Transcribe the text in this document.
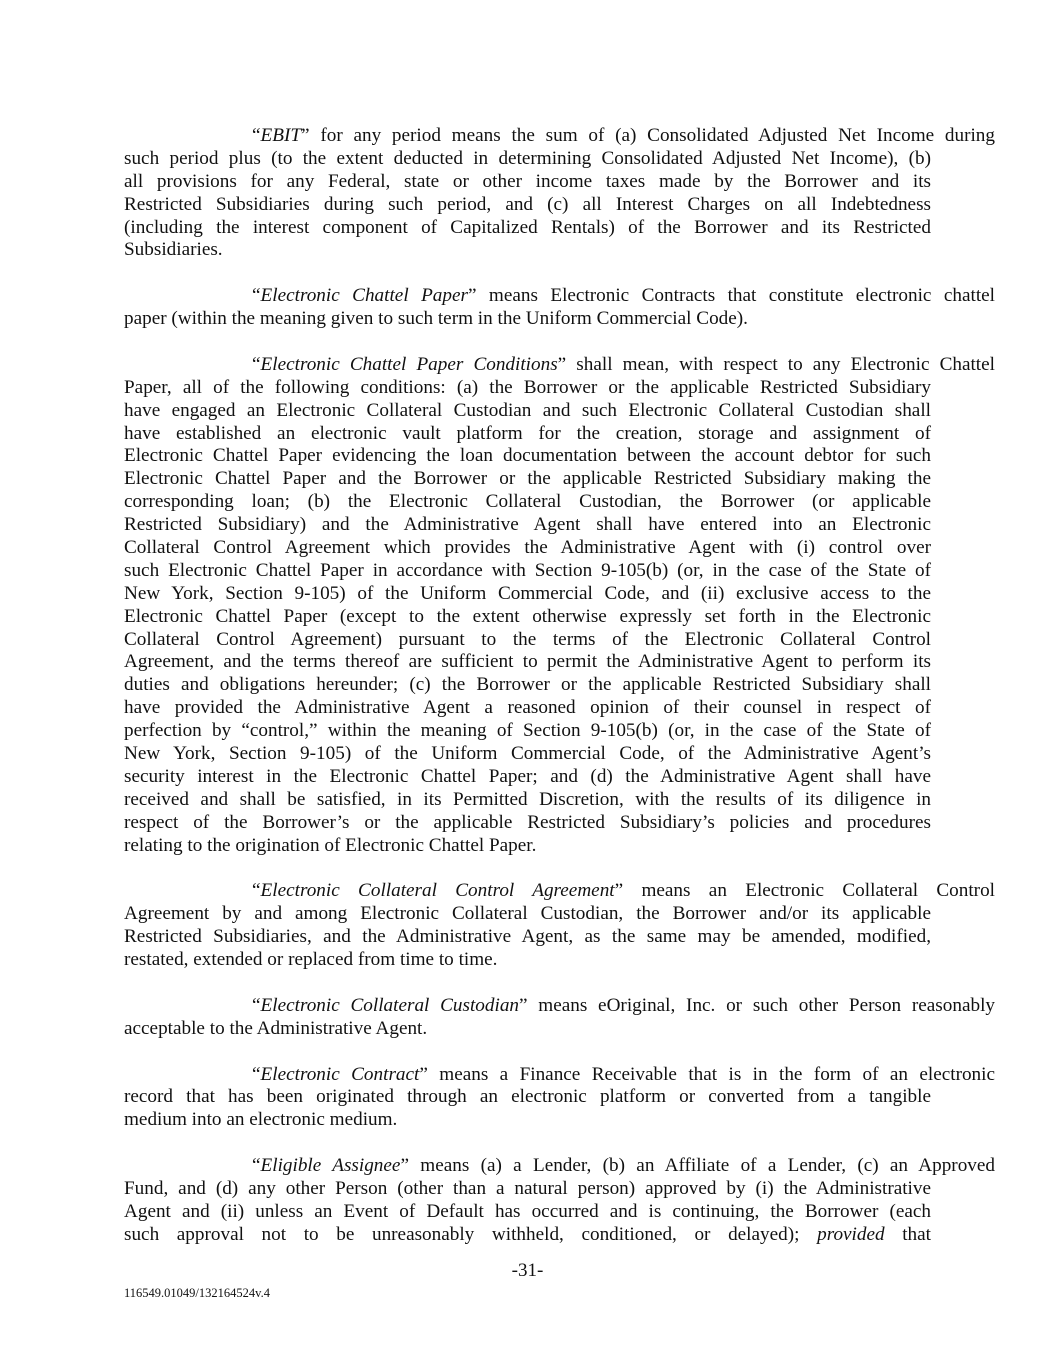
“EBIT” for any period means the sum of (a) Consolidated Adjusted Net Income during
such period plus (to the extent deducted in determining Consolidated Adjusted Net Income), (b)
all provisions for any Federal, state or other income taxes made by the Borrower and its
Restricted Subsidiaries during such period, and (c) all Interest Charges on all Indebtedness
(including the interest component of Capitalized Rentals) of the Borrower and its Restricted
Subsidiaries.
“Electronic Chattel Paper” means Electronic Contracts that constitute electronic chattel
paper (within the meaning given to such term in the Uniform Commercial Code).
“Electronic Chattel Paper Conditions” shall mean, with respect to any Electronic Chattel
Paper, all of the following conditions: (a) the Borrower or the applicable Restricted Subsidiary
have engaged an Electronic Collateral Custodian and such Electronic Collateral Custodian shall
have established an electronic vault platform for the creation, storage and assignment of
Electronic Chattel Paper evidencing the loan documentation between the account debtor for such
Electronic Chattel Paper and the Borrower or the applicable Restricted Subsidiary making the
corresponding loan; (b) the Electronic Collateral Custodian, the Borrower (or applicable
Restricted Subsidiary) and the Administrative Agent shall have entered into an Electronic
Collateral Control Agreement which provides the Administrative Agent with (i) control over
such Electronic Chattel Paper in accordance with Section 9-105(b) (or, in the case of the State of
New York, Section 9-105) of the Uniform Commercial Code, and (ii) exclusive access to the
Electronic Chattel Paper (except to the extent otherwise expressly set forth in the Electronic
Collateral Control Agreement) pursuant to the terms of the Electronic Collateral Control
Agreement, and the terms thereof are sufficient to permit the Administrative Agent to perform its
duties and obligations hereunder; (c) the Borrower or the applicable Restricted Subsidiary shall
have provided the Administrative Agent a reasoned opinion of their counsel in respect of
perfection by “control,” within the meaning of Section 9-105(b) (or, in the case of the State of
New York, Section 9-105) of the Uniform Commercial Code, of the Administrative Agent’s
security interest in the Electronic Chattel Paper; and (d) the Administrative Agent shall have
received and shall be satisfied, in its Permitted Discretion, with the results of its diligence in
respect of the Borrower’s or the applicable Restricted Subsidiary’s policies and procedures
relating to the origination of Electronic Chattel Paper.
“Electronic Collateral Control Agreement” means an Electronic Collateral Control
Agreement by and among Electronic Collateral Custodian, the Borrower and/or its applicable
Restricted Subsidiaries, and the Administrative Agent, as the same may be amended, modified,
restated, extended or replaced from time to time.
“Electronic Collateral Custodian” means eOriginal, Inc. or such other Person reasonably
acceptable to the Administrative Agent.
“Electronic Contract” means a Finance Receivable that is in the form of an electronic
record that has been originated through an electronic platform or converted from a tangible
medium into an electronic medium.
“Eligible Assignee” means (a) a Lender, (b) an Affiliate of a Lender, (c) an Approved
Fund, and (d) any other Person (other than a natural person) approved by (i) the Administrative
Agent and (ii) unless an Event of Default has occurred and is continuing, the Borrower (each
such approval not to be unreasonably withheld, conditioned, or delayed); provided that
-31-
116549.01049/132164524v.4
